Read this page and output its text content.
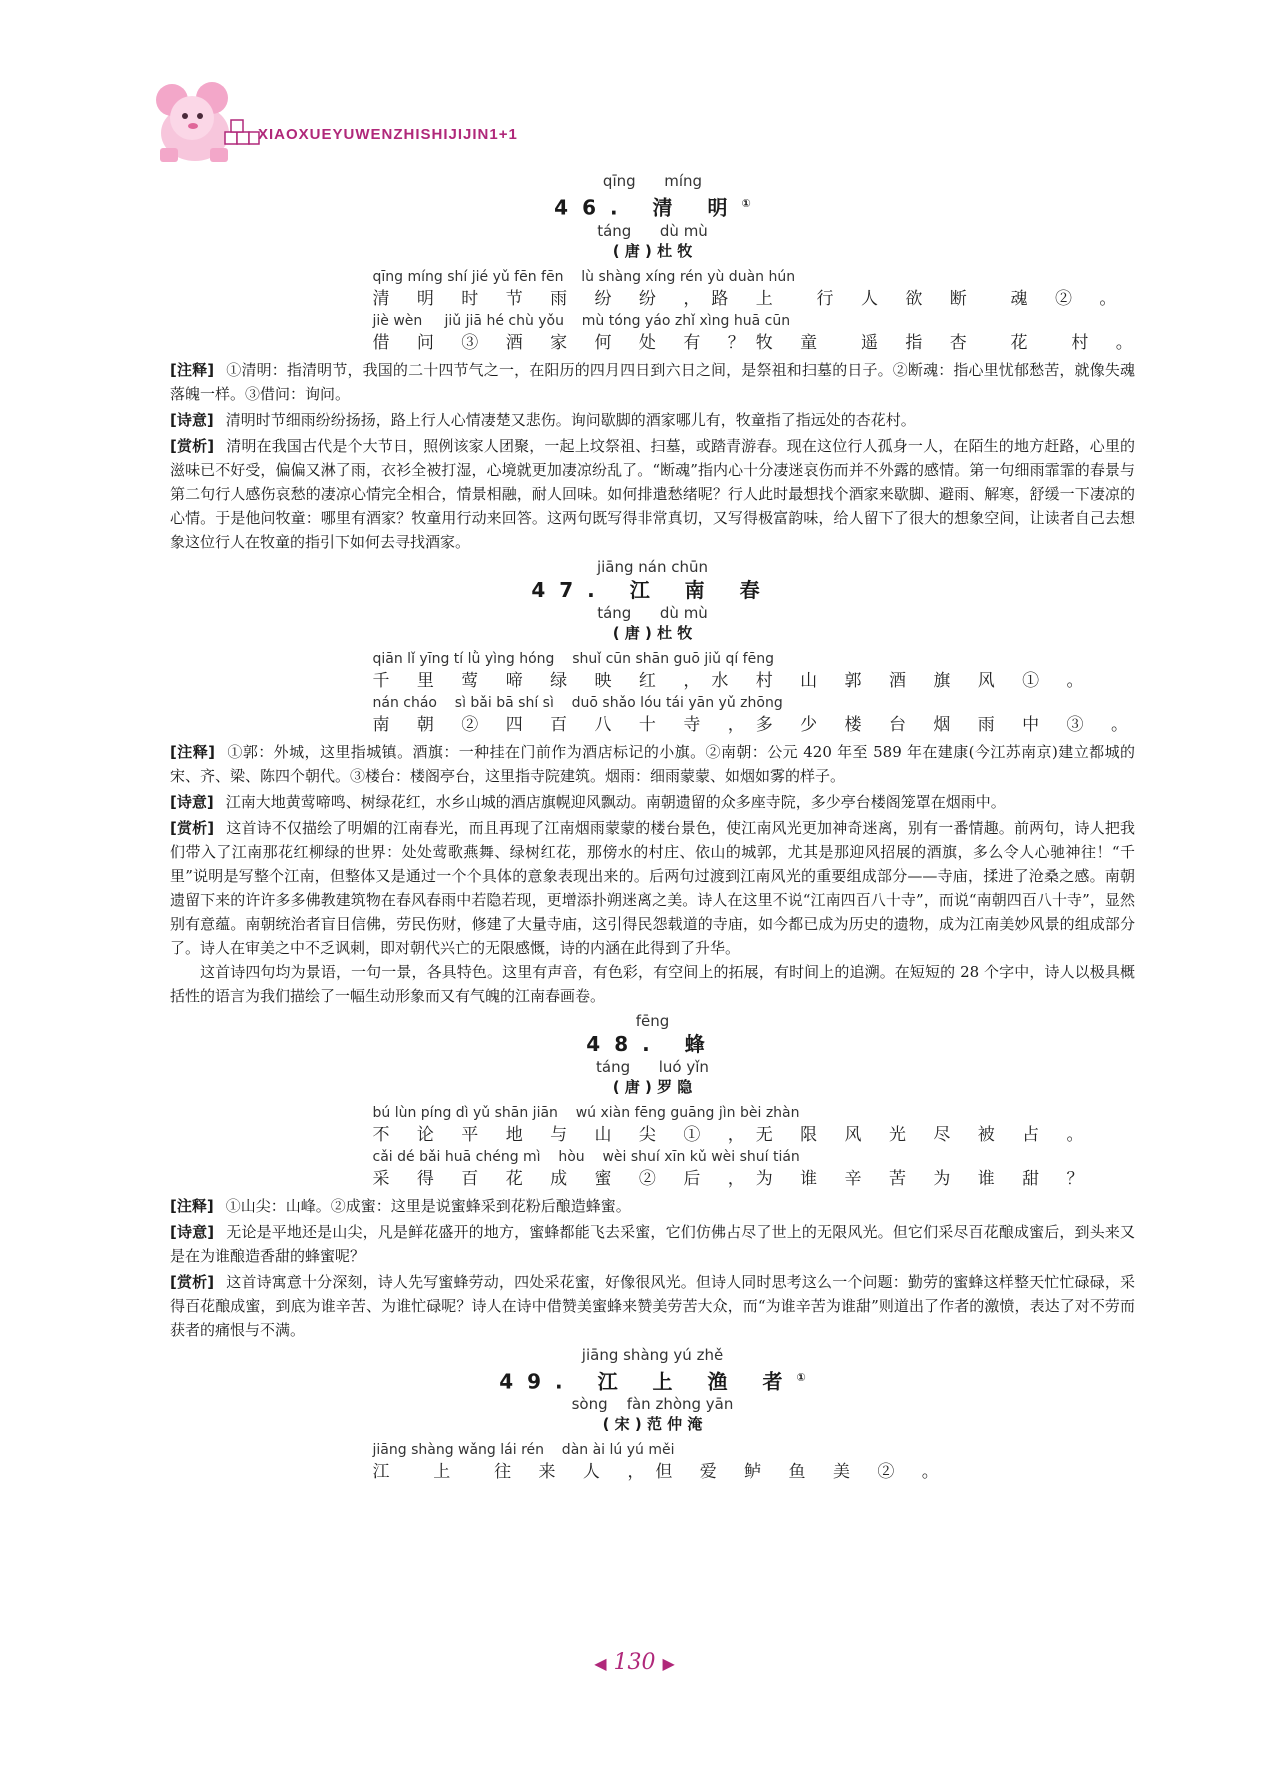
XIAOXUEYUWENZHISHIJIJIN1+1
qīng      míng
46. 清 明①
táng      dù mù
( 唐 ) 杜 牧
qīng míng shí jié yǔ fēn fēn    lù shàng xíng rén yù duàn hún
清 明 时 节 雨 纷 纷 ，路 上  行 人 欲 断  魂 ② 。
jiè wèn     jiǔ jiā hé chù yǒu    mù tóng yáo zhǐ xìng huā cūn
借 问 ③ 酒 家 何 处 有 ？牧 童  遥 指 杏  花  村 。

[注释] ①清明：指清明节，我国的二十四节气之一，在阳历的四月四日到六日之间，是祭祖和扫墓的日子。②断魂：指心里忧郁愁苦，就像失魂落魄一样。③借问：询问。

[诗意] 清明时节细雨纷纷扬扬，路上行人心情凄楚又悲伤。询问歇脚的酒家哪儿有，牧童指了指远处的杏花村。

[赏析] 清明在我国古代是个大节日，照例该家人团聚，一起上坟祭祖、扫墓，或踏青游春。现在这位行人孤身一人，在陌生的地方赶路，心里的滋味已不好受，偏偏又淋了雨，衣衫全被打湿，心境就更加凄凉纷乱了。“断魂”指内心十分凄迷哀伤而并不外露的感情。第一句细雨霏霏的春景与第二句行人感伤哀愁的凄凉心情完全相合，情景相融，耐人回味。如何排遣愁绪呢？行人此时最想找个酒家来歇脚、避雨、解寒，舒缓一下凄凉的心情。于是他问牧童：哪里有酒家？牧童用行动来回答。这两句既写得非常真切，又写得极富韵味，给人留下了很大的想象空间，让读者自己去想象这位行人在牧童的指引下如何去寻找酒家。

jiāng nán chūn
47. 江 南 春
táng      dù mù
( 唐 ) 杜 牧
qiān lǐ yīng tí lǜ yìng hóng    shuǐ cūn shān guō jiǔ qí fēng
千 里 莺 啼 绿 映 红 ，水 村 山 郭 酒 旗 风 ① 。
nán cháo    sì bǎi bā shí sì    duō shǎo lóu tái yān yǔ zhōng
南 朝 ② 四 百 八 十 寺 ，多 少 楼 台 烟 雨 中 ③ 。

[注释] ①郭：外城，这里指城镇。酒旗：一种挂在门前作为酒店标记的小旗。②南朝：公元 420 年至 589 年在建康(今江苏南京)建立都城的宋、齐、梁、陈四个朝代。③楼台：楼阁亭台，这里指寺院建筑。烟雨：细雨蒙蒙、如烟如雾的样子。

[诗意] 江南大地黄莺啼鸣、树绿花红，水乡山城的酒店旗幌迎风飘动。南朝遗留的众多座寺院，多少亭台楼阁笼罩在烟雨中。

[赏析] 这首诗不仅描绘了明媚的江南春光，而且再现了江南烟雨蒙蒙的楼台景色，使江南风光更加神奇迷离，别有一番情趣。前两句，诗人把我们带入了江南那花红柳绿的世界：处处莺歌燕舞、绿树红花，那傍水的村庄、依山的城郭，尤其是那迎风招展的酒旗，多么令人心驰神往！“千里”说明是写整个江南，但整体又是通过一个个具体的意象表现出来的。后两句过渡到江南风光的重要组成部分——寺庙，揉进了沧桑之感。南朝遗留下来的许许多多佛教建筑物在春风春雨中若隐若现，更增添扑朔迷离之美。诗人在这里不说“江南四百八十寺”，而说“南朝四百八十寺”，显然别有意蕴。南朝统治者盲目信佛，劳民伤财，修建了大量寺庙，这引得民怨载道的寺庙，如今都已成为历史的遗物，成为江南美妙风景的组成部分了。诗人在审美之中不乏讽刺，即对朝代兴亡的无限感慨，诗的内涵在此得到了升华。

这首诗四句均为景语，一句一景，各具特色。这里有声音，有色彩，有空间上的拓展，有时间上的追溯。在短短的 28 个字中，诗人以极具概括性的语言为我们描绘了一幅生动形象而又有气魄的江南春画卷。

fēng
48. 蜂
táng      luó yǐn
( 唐 ) 罗 隐
bú lùn píng dì yǔ shān jiān    wú xiàn fēng guāng jìn bèi zhàn
不 论 平 地 与 山 尖 ① ，无 限 风 光 尽 被 占 。
cǎi dé bǎi huā chéng mì    hòu    wèi shuí xīn kǔ wèi shuí tián
采 得 百 花 成 蜜 ② 后 ，为 谁 辛 苦 为 谁 甜 ？

[注释] ①山尖：山峰。②成蜜：这里是说蜜蜂采到花粉后酿造蜂蜜。

[诗意] 无论是平地还是山尖，凡是鲜花盛开的地方，蜜蜂都能飞去采蜜，它们仿佛占尽了世上的无限风光。但它们采尽百花酿成蜜后，到头来又是在为谁酿造香甜的蜂蜜呢？

[赏析] 这首诗寓意十分深刻，诗人先写蜜蜂劳动，四处采花蜜，好像很风光。但诗人同时思考这么一个问题：勤劳的蜜蜂这样整天忙忙碌碌，采得百花酿成蜜，到底为谁辛苦、为谁忙碌呢？诗人在诗中借赞美蜜蜂来赞美劳苦大众，而“为谁辛苦为谁甜”则道出了作者的激愤，表达了对不劳而获者的痛恨与不满。

jiāng shàng yú zhě
49. 江 上 渔 者①
sòng    fàn zhòng yān
( 宋 ) 范 仲 淹
jiāng shàng wǎng lái rén    dàn ài lú yú měi
江  上  往 来 人 ，但 爱 鲈 鱼 美 ② 。
◀ 130 ▶
